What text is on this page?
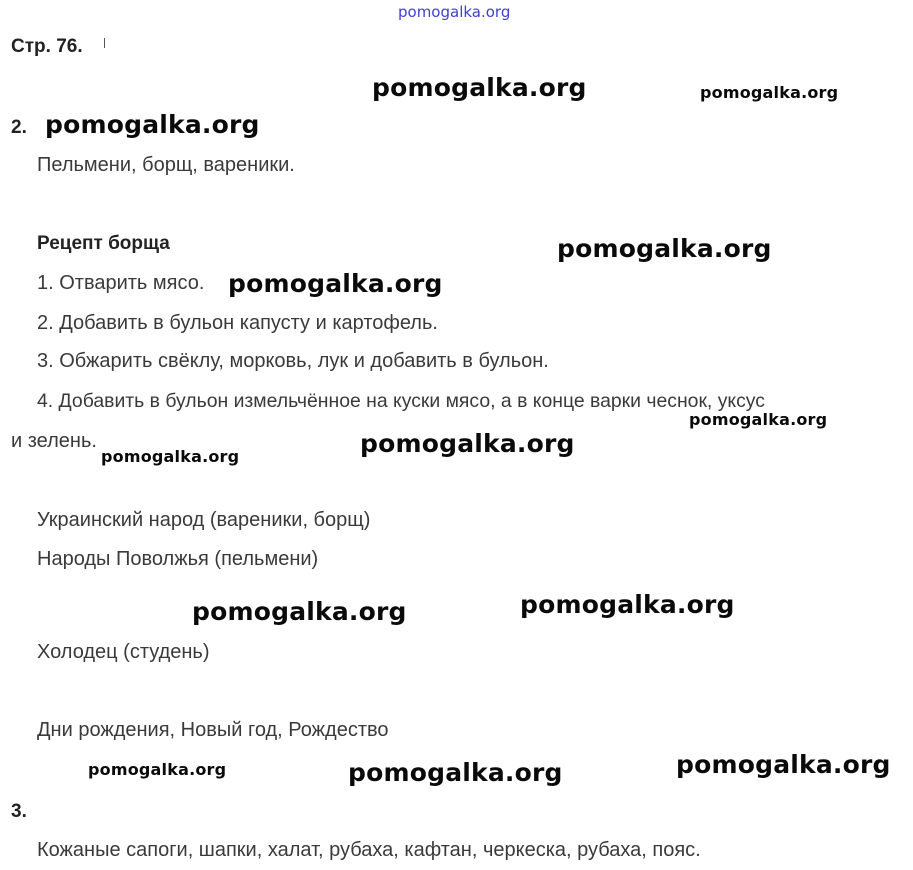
pomogalka.org
Стр. 76.
2.
Пельмени, борщ, вареники.
Рецепт борща
1. Отварить мясо.
2. Добавить в бульон капусту и картофель.
3. Обжарить свёклу, морковь, лук и добавить в бульон.
4. Добавить в бульон измельчённое на куски мясо, а в конце варки чеснок, уксус
и зелень.
Украинский народ (вареники, борщ)
Народы Поволжья (пельмени)
Холодец (студень)
Дни рождения, Новый год, Рождество
3.
Кожаные сапоги, шапки, халат, рубаха, кафтан, черкеска, рубаха, пояс.
pomogalka.org	pomogalka.org
pomogalka.org
pomogalka.org
pomogalka.org
pomogalka.org
pomogalka.org
pomogalka.org
pomogalka.org
pomogalka.org
pomogalka.org
pomogalka.org	pomogalka.org
